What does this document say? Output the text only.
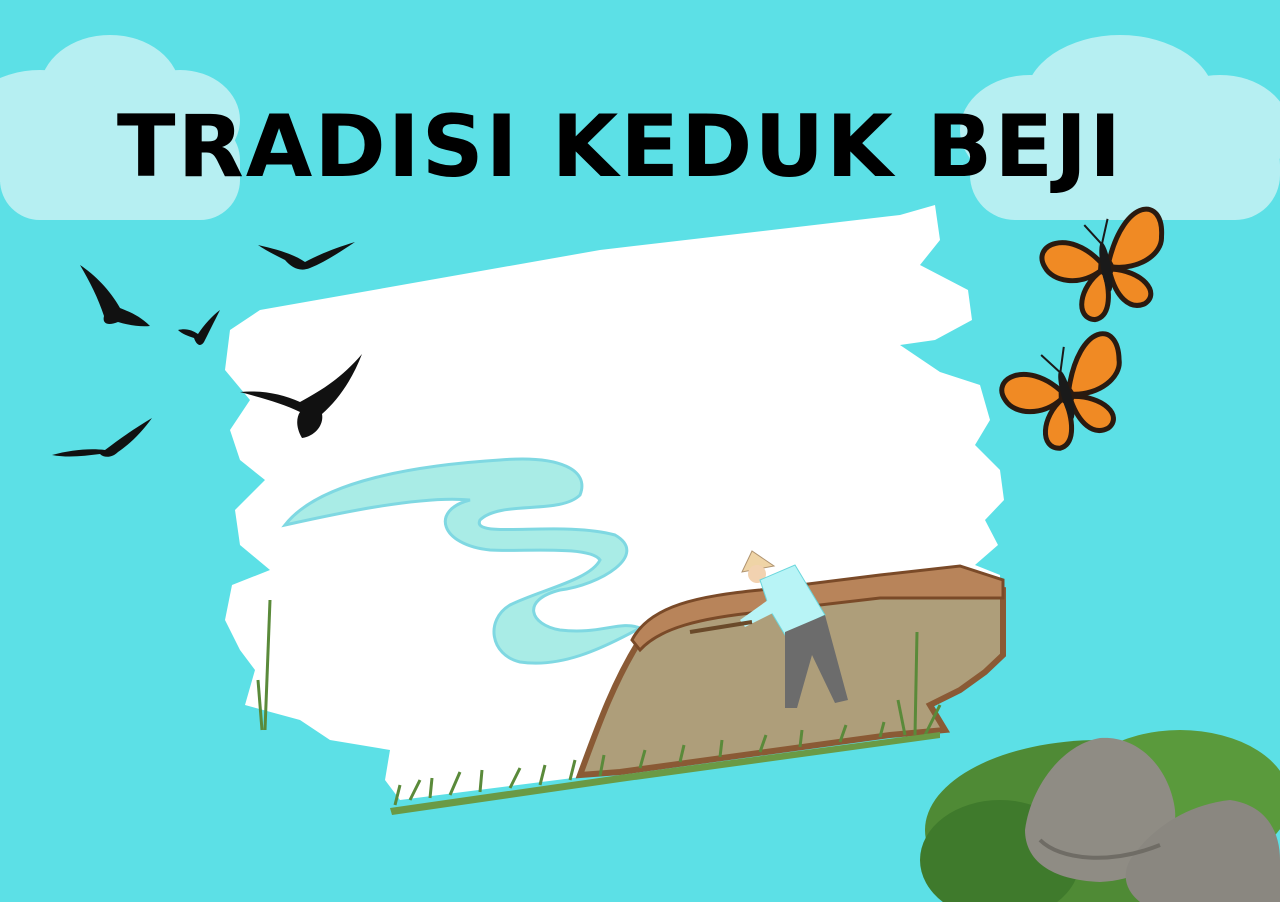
TRADISI KEDUK BEJI
